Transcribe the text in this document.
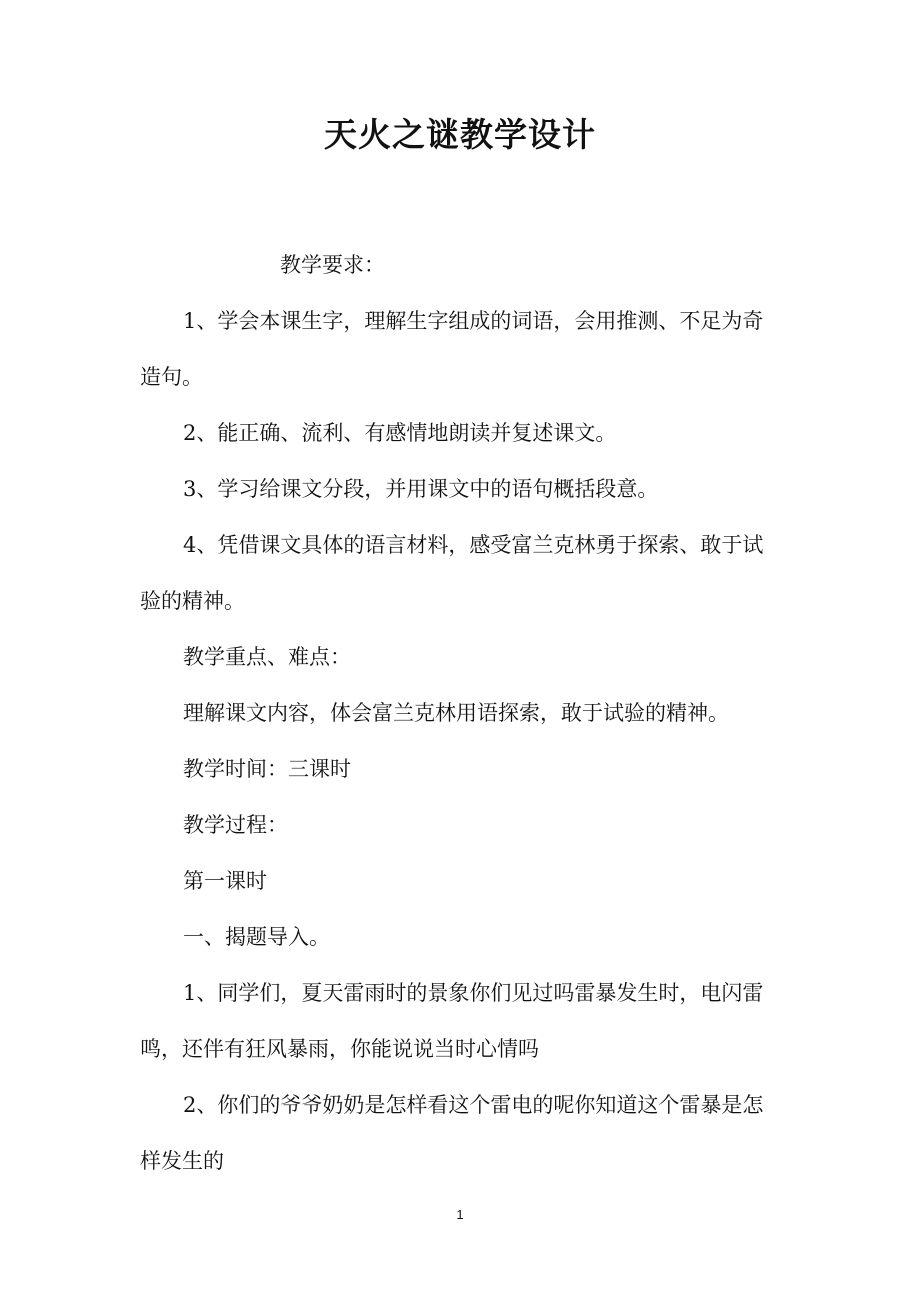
天火之谜教学设计
教学要求：
1、学会本课生字，理解生字组成的词语，会用推测、不足为奇
造句。
2、能正确、流利、有感情地朗读并复述课文。
3、学习给课文分段，并用课文中的语句概括段意。
4、凭借课文具体的语言材料，感受富兰克林勇于探索、敢于试
验的精神。
教学重点、难点：
理解课文内容，体会富兰克林用语探索，敢于试验的精神。
教学时间：三课时
教学过程：
第一课时
一、揭题导入。
1、同学们，夏天雷雨时的景象你们见过吗雷暴发生时，电闪雷
鸣，还伴有狂风暴雨，你能说说当时心情吗
2、你们的爷爷奶奶是怎样看这个雷电的呢你知道这个雷暴是怎
样发生的
1
